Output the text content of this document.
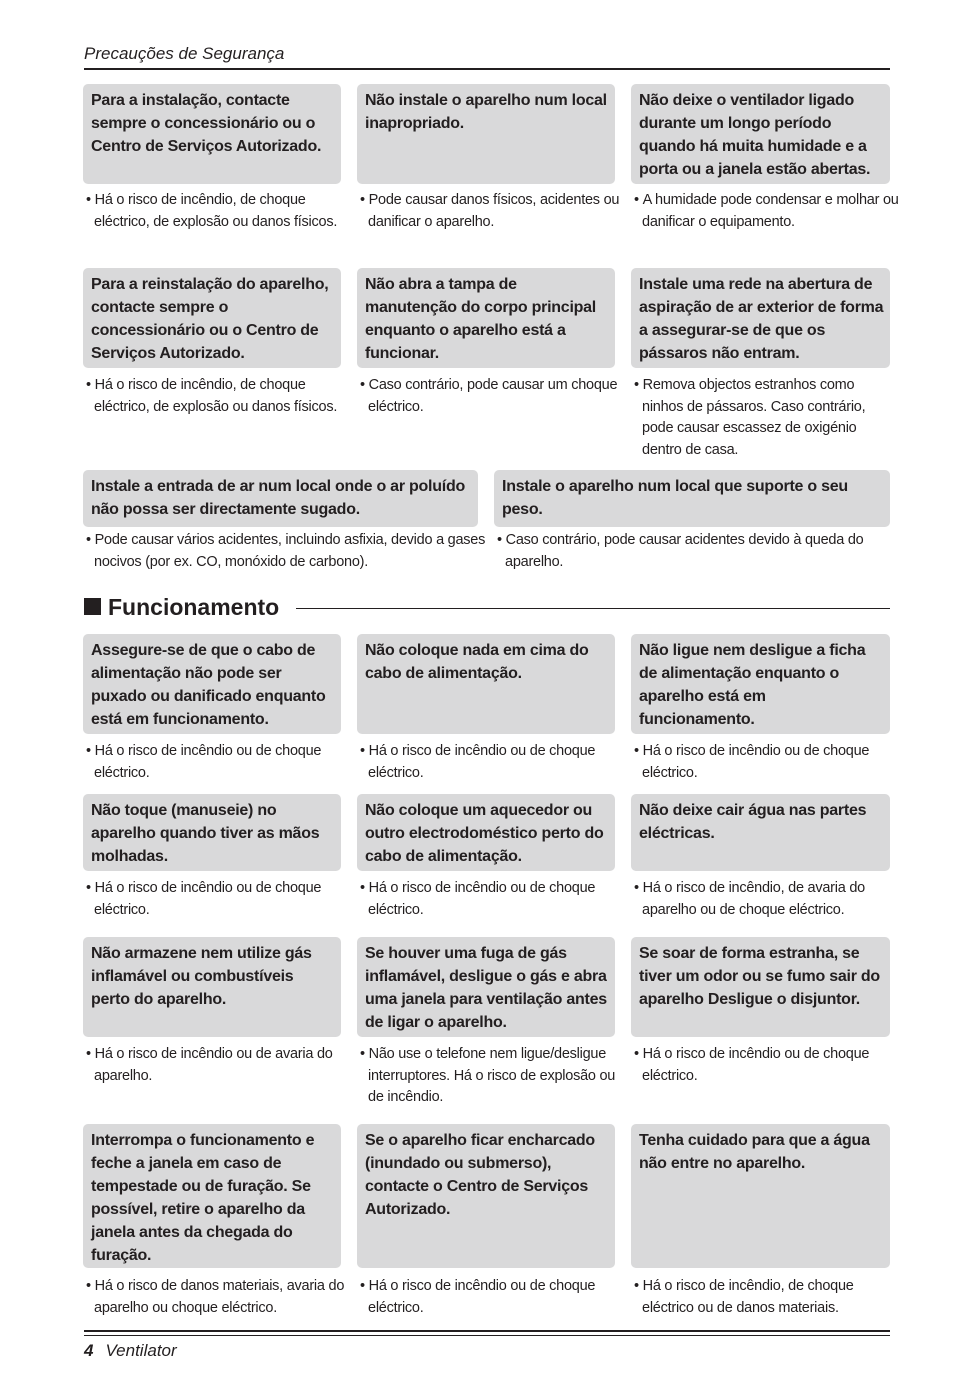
Precauções de Segurança
Para a instalação, contacte sempre o concessionário ou o Centro de Serviços Autorizado.
• Há o risco de incêndio, de choque eléctrico, de explosão ou danos físicos.
Não instale o aparelho num local inapropriado.
• Pode causar danos físicos, acidentes ou danificar o aparelho.
Não deixe o ventilador ligado durante um longo período quando há muita humidade e a porta ou a janela estão abertas.
• A humidade pode condensar e molhar ou danificar o equipamento.
Para a reinstalação do aparelho, contacte sempre o concessionário ou o Centro de Serviços Autorizado.
• Há o risco de incêndio, de choque eléctrico, de explosão ou danos físicos.
Não abra a tampa de manutenção do corpo principal enquanto o aparelho está a funcionar.
• Caso contrário, pode causar um choque eléctrico.
Instale uma rede na abertura de aspiração de ar exterior de forma a assegurar-se de que os pássaros não entram.
• Remova objectos estranhos como ninhos de pássaros. Caso contrário, pode causar escassez de oxigénio dentro de casa.
Instale a entrada de ar num local onde o ar poluído não possa ser directamente sugado.
• Pode causar vários acidentes, incluindo asfixia, devido a gases nocivos (por ex. CO, monóxido de carbono).
Instale o aparelho num local que suporte o seu peso.
• Caso contrário, pode causar acidentes devido à queda do aparelho.
Funcionamento
Assegure-se de que o cabo de alimentação não pode ser puxado ou danificado enquanto está em funcionamento.
• Há o risco de incêndio ou de choque eléctrico.
Não coloque nada em cima do cabo de alimentação.
• Há o risco de incêndio ou de choque eléctrico.
Não ligue nem desligue a ficha de alimentação enquanto o aparelho está em funcionamento.
• Há o risco de incêndio ou de choque eléctrico.
Não toque (manuseie) no aparelho quando tiver as mãos molhadas.
• Há o risco de incêndio ou de choque eléctrico.
Não coloque um aquecedor ou outro electrodoméstico perto do cabo de alimentação.
• Há o risco de incêndio ou de choque eléctrico.
Não deixe cair água nas partes eléctricas.
• Há o risco de incêndio, de avaria do aparelho ou de choque eléctrico.
Não armazene nem utilize gás inflamável ou combustíveis perto do aparelho.
• Há o risco de incêndio ou de avaria do aparelho.
Se houver uma fuga de gás inflamável, desligue o gás e abra uma janela para ventilação antes de ligar o aparelho.
• Não use o telefone nem ligue/desligue interruptores. Há o risco de explosão ou de incêndio.
Se soar de forma estranha, se tiver um odor ou se fumo sair do aparelho Desligue o disjuntor.
• Há o risco de incêndio ou de choque eléctrico.
Interrompa o funcionamento e feche a janela em caso de tempestade ou de furação. Se possível, retire o aparelho da janela antes da chegada do furação.
• Há o risco de danos materiais, avaria do aparelho ou choque eléctrico.
Se o aparelho ficar encharcado (inundado ou submerso), contacte o Centro de Serviços Autorizado.
• Há o risco de incêndio ou de choque eléctrico.
Tenha cuidado para que a água não entre no aparelho.
• Há o risco de incêndio, de choque eléctrico ou de danos materiais.
4 Ventilator
